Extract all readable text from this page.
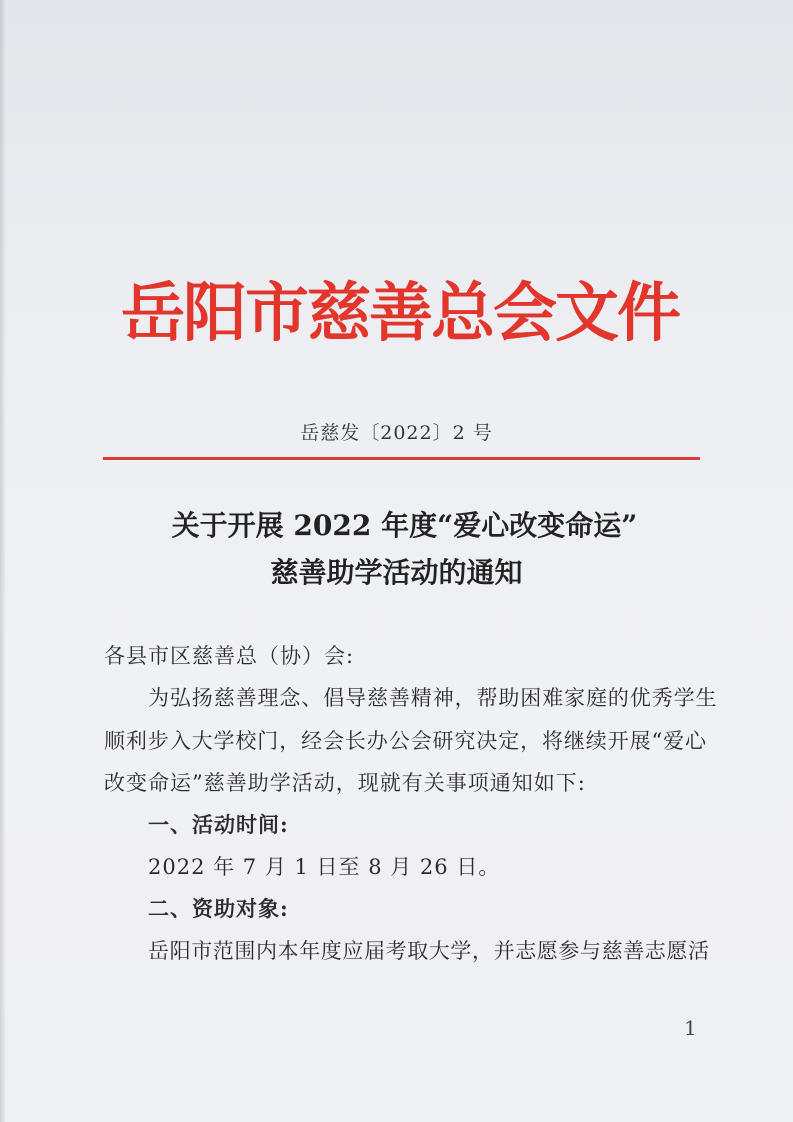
岳阳市慈善总会文件
岳慈发〔2022〕2 号
关于开展 2022 年度“爱心改变命运”
慈善助学活动的通知
各县市区慈善总（协）会:
为弘扬慈善理念、倡导慈善精神，帮助困难家庭的优秀学生
顺利步入大学校门，经会长办公会研究决定，将继续开展“爱心
改变命运”慈善助学活动，现就有关事项通知如下:
一、活动时间:
2022 年 7 月 1 日至 8 月 26 日。
二、资助对象:
岳阳市范围内本年度应届考取大学，并志愿参与慈善志愿活
1
